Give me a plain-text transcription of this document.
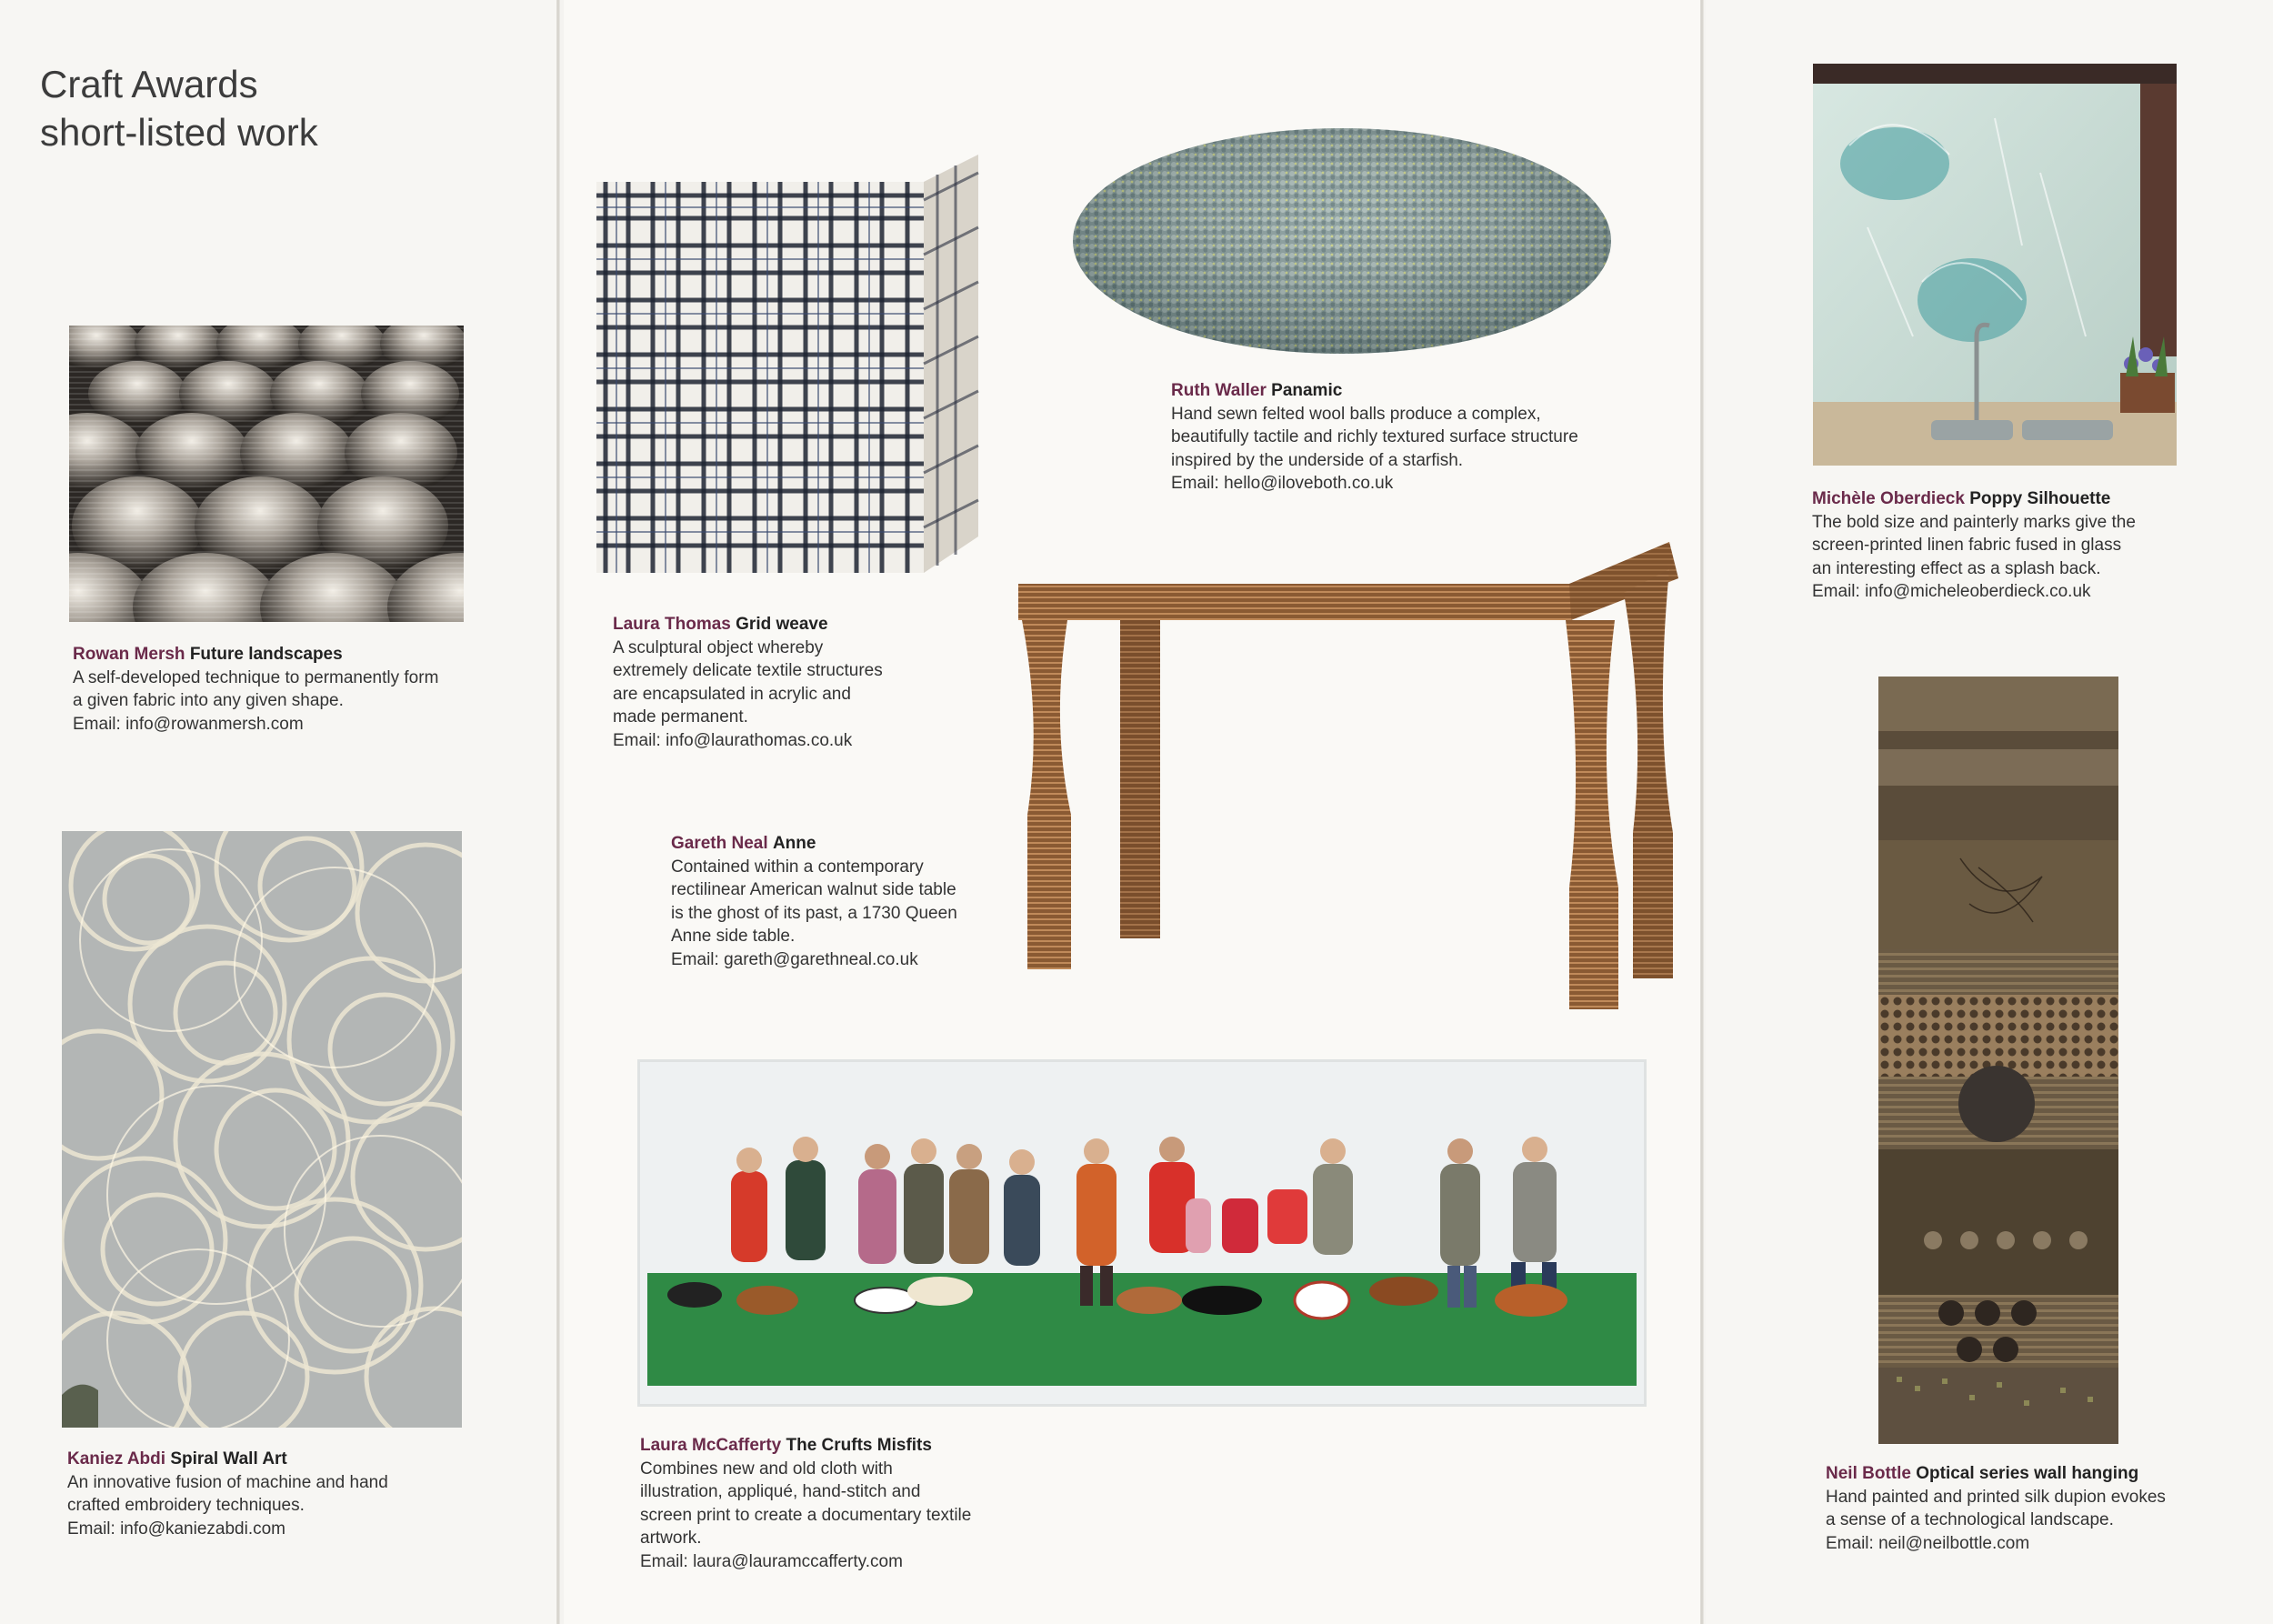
Craft Awards
short-listed work
Rowan Mersh Future landscapes
A self-developed technique to permanently form
a given fabric into any given shape.
Email: info@rowanmersh.com
Kaniez Abdi Spiral Wall Art
An innovative fusion of machine and hand
crafted embroidery techniques.
Email: info@kaniezabdi.com
Laura Thomas Grid weave
A sculptural object whereby
extremely delicate textile structures
are encapsulated in acrylic and
made permanent.
Email: info@laurathomas.co.uk
Ruth Waller Panamic
Hand sewn felted wool balls produce a complex,
beautifully tactile and richly textured surface structure
inspired by the underside of a starfish.
Email: hello@iloveboth.co.uk
Gareth Neal Anne
Contained within a contemporary
rectilinear American walnut side table
is the ghost of its past, a 1730 Queen
Anne side table.
Email: gareth@garethneal.co.uk
Laura McCafferty The Crufts Misfits
Combines new and old cloth with
illustration, appliqué, hand-stitch and
screen print to create a documentary textile
artwork.
Email: laura@lauramccafferty.com
Michèle Oberdieck Poppy Silhouette
The bold size and painterly marks give the
screen-printed linen fabric fused in glass
an interesting effect as a splash back.
Email: info@micheleoberdieck.co.uk
Neil Bottle Optical series wall hanging
Hand painted and printed silk dupion evokes
a sense of a technological landscape.
Email: neil@neilbottle.com
